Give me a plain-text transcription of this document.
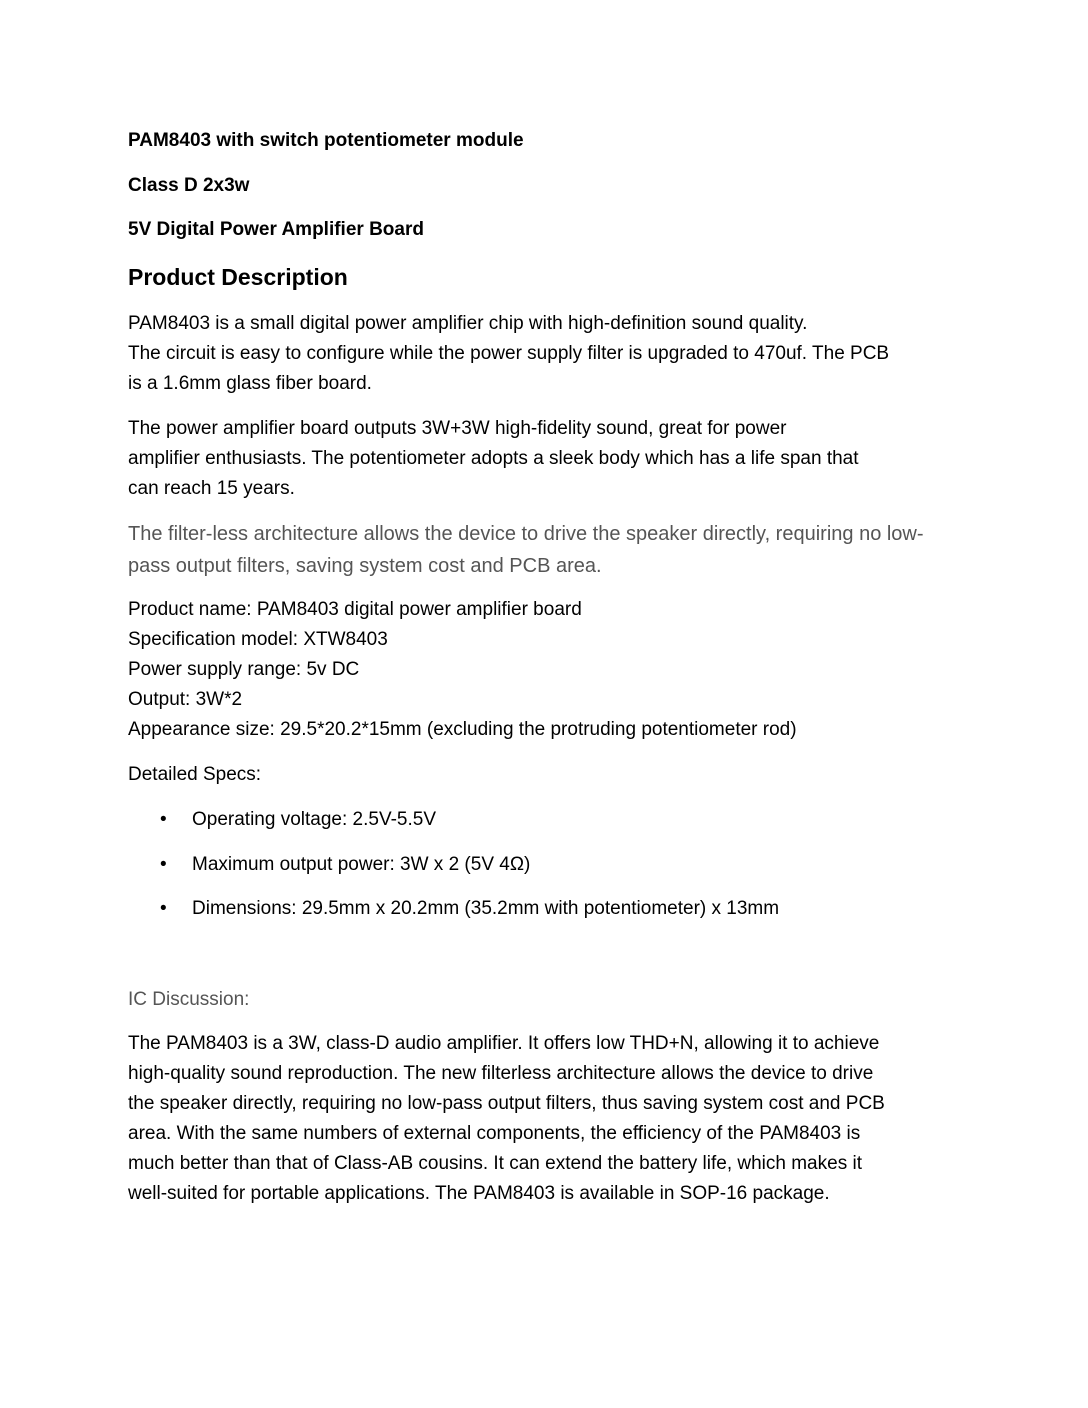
PAM8403 with switch potentiometer module
Class D 2x3w
5V Digital Power Amplifier Board
Product Description
PAM8403 is a small digital power amplifier chip with high-definition sound quality.
The circuit is easy to configure while the power supply filter is upgraded to 470uf. The PCB
is a 1.6mm glass fiber board.
The power amplifier board outputs 3W+3W high-fidelity sound, great for power
amplifier enthusiasts. The potentiometer adopts a sleek body which has a life span that
can reach 15 years.
The filter-less architecture allows the device to drive the speaker directly, requiring no low-
pass output filters, saving system cost and PCB area.
Product name: PAM8403 digital power amplifier board
Specification model: XTW8403
Power supply range: 5v DC
Output: 3W*2
Appearance size: 29.5*20.2*15mm (excluding the protruding potentiometer rod)
Detailed Specs:
• Operating voltage: 2.5V-5.5V
• Maximum output power: 3W x 2 (5V 4Ω)
• Dimensions: 29.5mm x 20.2mm (35.2mm with potentiometer) x 13mm
IC Discussion:
The PAM8403 is a 3W, class-D audio amplifier. It offers low THD+N, allowing it to achieve
high-quality sound reproduction. The new filterless architecture allows the device to drive
the speaker directly, requiring no low-pass output filters, thus saving system cost and PCB
area. With the same numbers of external components, the efficiency of the PAM8403 is
much better than that of Class-AB cousins. It can extend the battery life, which makes it
well-suited for portable applications. The PAM8403 is available in SOP-16 package.
